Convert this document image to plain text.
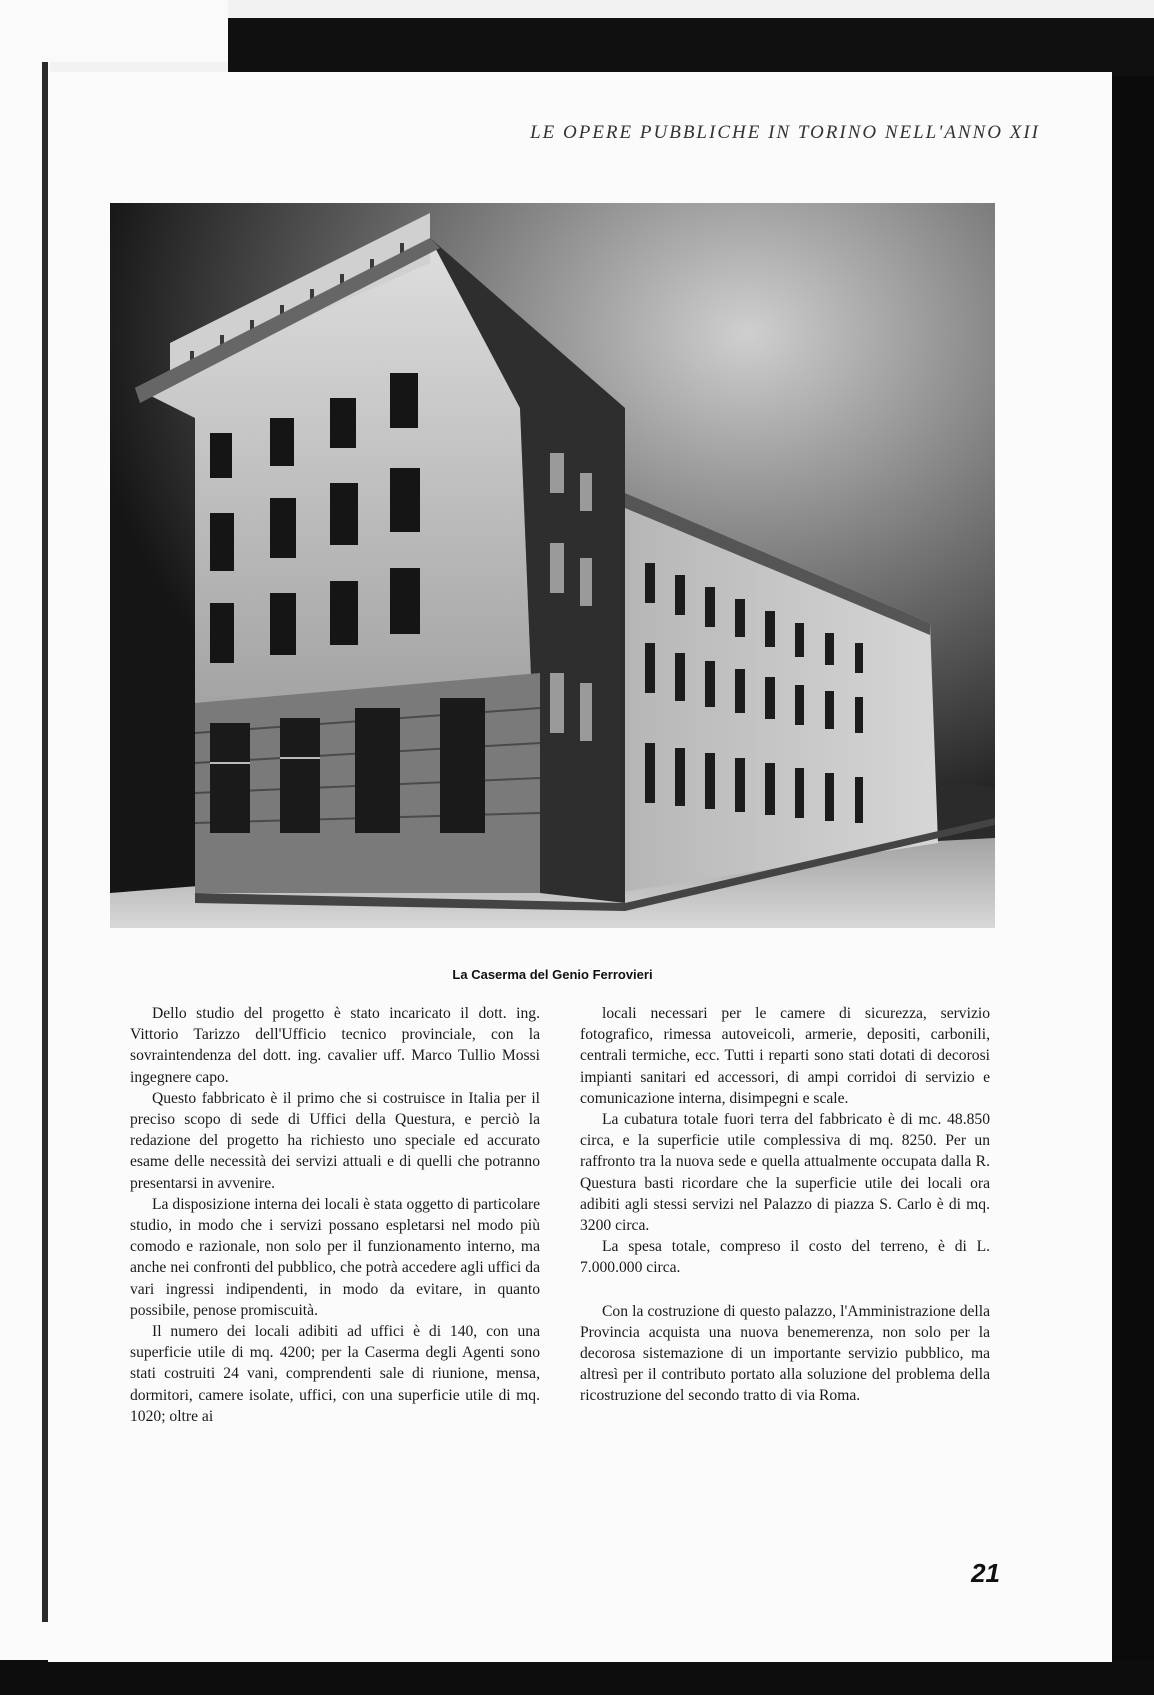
LE OPERE PUBBLICHE IN TORINO NELL'ANNO XII
La Caserma del Genio Ferrovieri

Dello studio del progetto è stato incaricato il dott. ing. Vittorio Tarizzo dell'Ufficio tecnico provinciale, con la sovraintendenza del dott. ing. cavalier uff. Marco Tullio Mossi ingegnere capo.

Questo fabbricato è il primo che si costruisce in Italia per il preciso scopo di sede di Uffici della Questura, e perciò la redazione del progetto ha richiesto uno speciale ed accurato esame delle necessità dei servizi attuali e di quelli che potranno presentarsi in avvenire.

La disposizione interna dei locali è stata oggetto di particolare studio, in modo che i servizi possano espletarsi nel modo più comodo e razionale, non solo per il funzionamento interno, ma anche nei confronti del pubblico, che potrà accedere agli uffici da vari ingressi indipendenti, in modo da evitare, in quanto possibile, penose promiscuità.

Il numero dei locali adibiti ad uffici è di 140, con una superficie utile di mq. 4200; per la Caserma degli Agenti sono stati costruiti 24 vani, comprendenti sale di riunione, mensa, dormitori, camere isolate, uffici, con una superficie utile di mq. 1020; oltre ai

locali necessari per le camere di sicurezza, servizio fotografico, rimessa autoveicoli, armerie, depositi, carbonili, centrali termiche, ecc. Tutti i reparti sono stati dotati di decorosi impianti sanitari ed accessori, di ampi corridoi di servizio e comunicazione interna, disimpegni e scale.

La cubatura totale fuori terra del fabbricato è di mc. 48.850 circa, e la superficie utile complessiva di mq. 8250. Per un raffronto tra la nuova sede e quella attualmente occupata dalla R. Questura basti ricordare che la superficie utile dei locali ora adibiti agli stessi servizi nel Palazzo di piazza S. Carlo è di mq. 3200 circa.

La spesa totale, compreso il costo del terreno, è di L. 7.000.000 circa.

Con la costruzione di questo palazzo, l'Amministrazione della Provincia acquista una nuova benemerenza, non solo per la decorosa sistemazione di un importante servizio pubblico, ma altresì per il contributo portato alla soluzione del problema della ricostruzione del secondo tratto di via Roma.

21
